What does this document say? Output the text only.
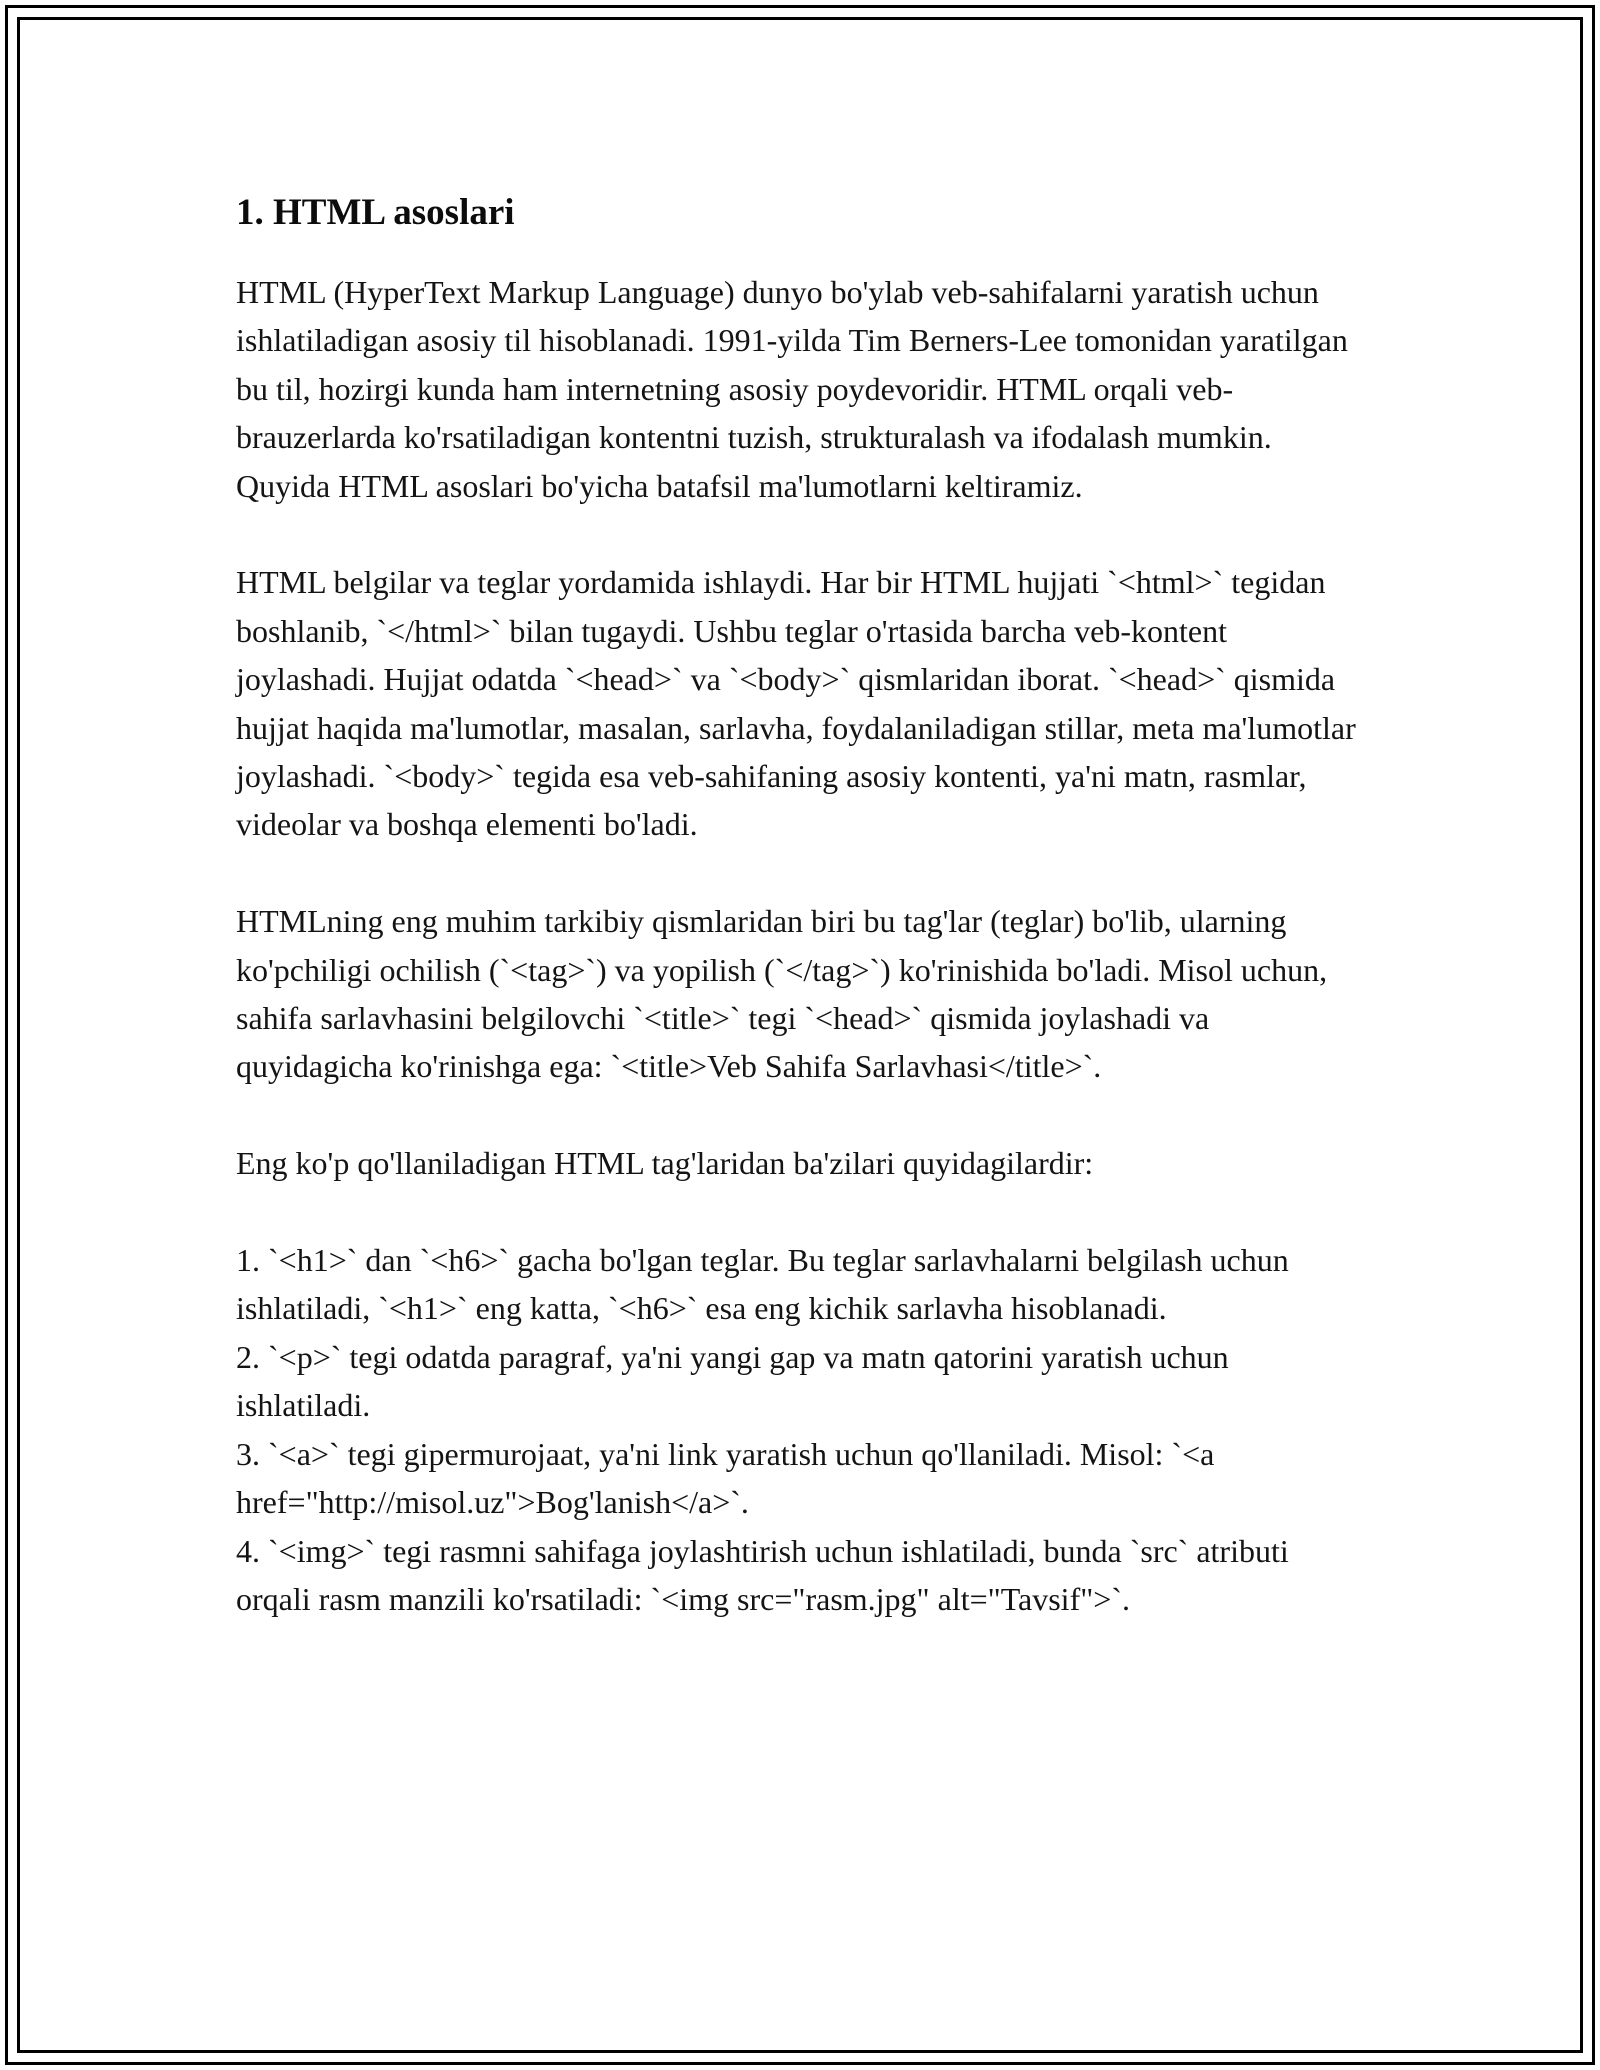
1. HTML asoslari

HTML (HyperText Markup Language) dunyo bo'ylab veb-sahifalarni yaratish uchun ishlatiladigan asosiy til hisoblanadi. 1991-yilda Tim Berners-Lee tomonidan yaratilgan bu til, hozirgi kunda ham internetning asosiy poydevoridir. HTML orqali veb-brauzerlarda ko'rsatiladigan kontentni tuzish, strukturalash va ifodalash mumkin. Quyida HTML asoslari bo'yicha batafsil ma'lumotlarni keltiramiz.

HTML belgilar va teglar yordamida ishlaydi. Har bir HTML hujjati `<html>` tegidan boshlanib, `</html>` bilan tugaydi. Ushbu teglar o'rtasida barcha veb-kontent joylashadi. Hujjat odatda `<head>` va `<body>` qismlaridan iborat. `<head>` qismida hujjat haqida ma'lumotlar, masalan, sarlavha, foydalaniladigan stillar, meta ma'lumotlar joylashadi. `<body>` tegida esa veb-sahifaning asosiy kontenti, ya'ni matn, rasmlar, videolar va boshqa elementi bo'ladi.

HTMLning eng muhim tarkibiy qismlaridan biri bu tag'lar (teglar) bo'lib, ularning ko'pchiligi ochilish (`<tag>`) va yopilish (`</tag>`) ko'rinishida bo'ladi. Misol uchun, sahifa sarlavhasini belgilovchi `<title>` tegi `<head>` qismida joylashadi va quyidagicha ko'rinishga ega: `<title>Veb Sahifa Sarlavhasi</title>`.

Eng ko'p qo'llaniladigan HTML tag'laridan ba'zilari quyidagilardir:

1. `<h1>` dan `<h6>` gacha bo'lgan teglar. Bu teglar sarlavhalarni belgilash uchun ishlatiladi, `<h1>` eng katta, `<h6>` esa eng kichik sarlavha hisoblanadi.

2. `<p>` tegi odatda paragraf, ya'ni yangi gap va matn qatorini yaratish uchun ishlatiladi.

3. `<a>` tegi gipermurojaat, ya'ni link yaratish uchun qo'llaniladi. Misol: `<a href="http://misol.uz">Bog'lanish</a>`.

4. `<img>` tegi rasmni sahifaga joylashtirish uchun ishlatiladi, bunda `src` atributi orqali rasm manzili ko'rsatiladi: `<img src="rasm.jpg" alt="Tavsif">`.
